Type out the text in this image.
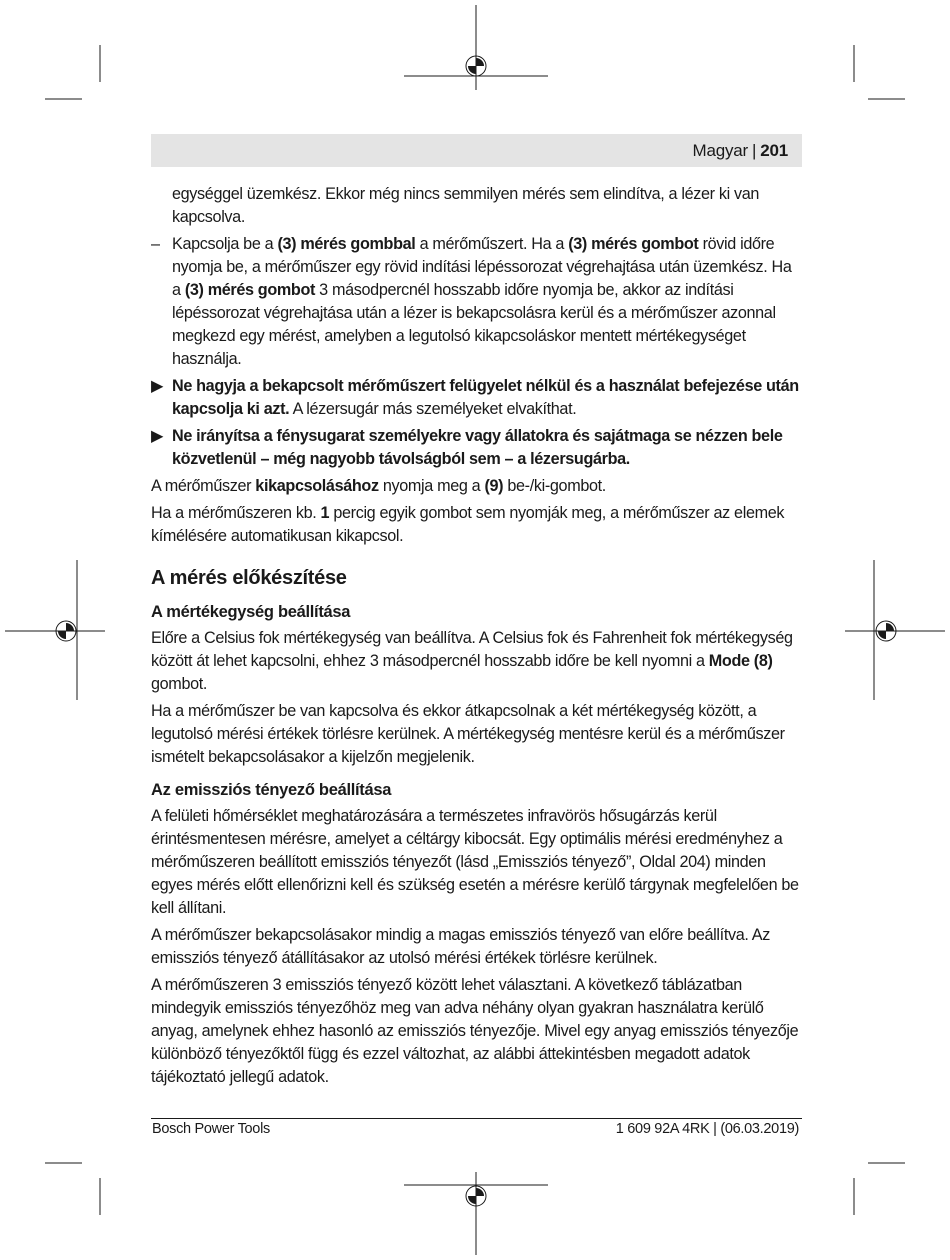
Magyar | 201

egységgel üzemkész. Ekkor még nincs semmilyen mérés sem elindítva, a lézer ki van kapcsolva.

– Kapcsolja be a (3) mérés gombbal a mérőműszert. Ha a (3) mérés gombot rövid időre nyomja be, a mérőműszer egy rövid indítási lépéssorozat végrehajtása után üzemkész. Ha a (3) mérés gombot 3 másodpercnél hosszabb időre nyomja be, akkor az indítási lépéssorozat végrehajtása után a lézer is bekapcsolásra kerül és a mérőműszer azonnal megkezd egy mérést, amelyben a legutolsó kikapcsoláskor mentett mértékegységet használja.
▶ Ne hagyja a bekapcsolt mérőműszert felügyelet nélkül és a használat befejezése után kapcsolja ki azt. A lézersugár más személyeket elvakíthat.
▶ Ne irányítsa a fénysugarat személyekre vagy állatokra és sajátmaga se nézzen bele közvetlenül – még nagyobb távolságból sem – a lézersugárba.

A mérőműszer kikapcsolásához nyomja meg a (9) be-/ki-gombot.

Ha a mérőműszeren kb. 1 percig egyik gombot sem nyomják meg, a mérőműszer az elemek kímélésére automatikusan kikapcsol.

A mérés előkészítése
A mértékegység beállítása

Előre a Celsius fok mértékegység van beállítva. A Celsius fok és Fahrenheit fok mértékegység között át lehet kapcsolni, ehhez 3 másodpercnél hosszabb időre be kell nyomni a Mode (8) gombot.

Ha a mérőműszer be van kapcsolva és ekkor átkapcsolnak a két mértékegység között, a legutolsó mérési értékek törlésre kerülnek. A mértékegység mentésre kerül és a mérőműszer ismételt bekapcsolásakor a kijelzőn megjelenik.

Az emissziós tényező beállítása

A felületi hőmérséklet meghatározására a természetes infravörös hősugárzás kerül érintésmentesen mérésre, amelyet a céltárgy kibocsát. Egy optimális mérési eredményhez a mérőműszeren beállított emissziós tényezőt (lásd „Emissziós tényező”, Oldal 204) minden egyes mérés előtt ellenőrizni kell és szükség esetén a mérésre kerülő tárgynak megfelelően be kell állítani.

A mérőműszer bekapcsolásakor mindig a magas emissziós tényező van előre beállítva. Az emissziós tényező átállításakor az utolsó mérési értékek törlésre kerülnek.

A mérőműszeren 3 emissziós tényező között lehet választani. A következő táblázatban mindegyik emissziós tényezőhöz meg van adva néhány olyan gyakran használatra kerülő anyag, amelynek ehhez hasonló az emissziós tényezője. Mivel egy anyag emissziós tényezője különböző tényezőktől függ és ezzel változhat, az alábbi áttekintésben megadott adatok tájékoztató jellegű adatok.

Bosch Power Tools	1 609 92A 4RK | (06.03.2019)
